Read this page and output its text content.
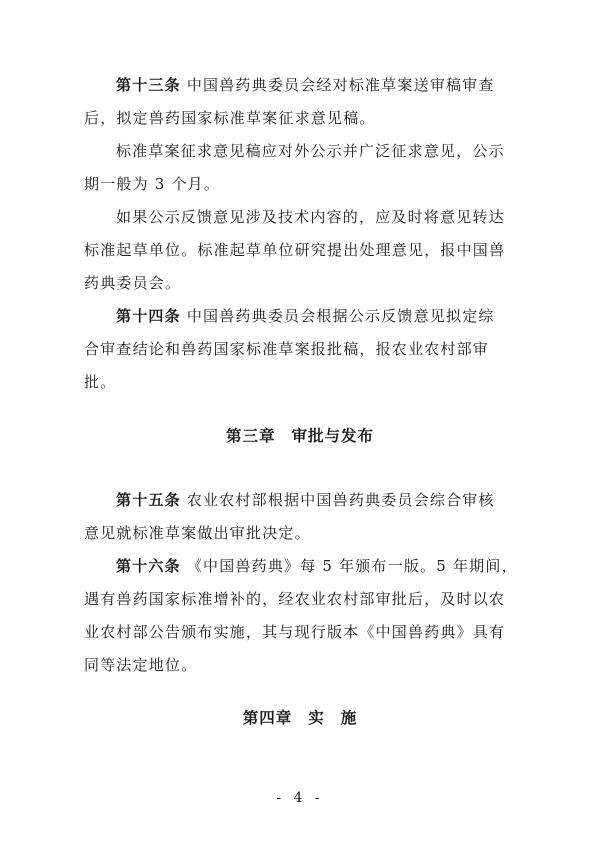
第十三条 中国兽药典委员会经对标准草案送审稿审查
后，拟定兽药国家标准草案征求意见稿。
标准草案征求意见稿应对外公示并广泛征求意见，公示
期一般为 3 个月。
如果公示反馈意见涉及技术内容的，应及时将意见转达
标准起草单位。标准起草单位研究提出处理意见，报中国兽
药典委员会。
第十四条 中国兽药典委员会根据公示反馈意见拟定综
合审查结论和兽药国家标准草案报批稿，报农业农村部审
批。
第三章 审批与发布
第十五条 农业农村部根据中国兽药典委员会综合审核
意见就标准草案做出审批决定。
第十六条 《中国兽药典》每 5 年颁布一版。5 年期间，
遇有兽药国家标准增补的，经农业农村部审批后，及时以农
业农村部公告颁布实施，其与现行版本《中国兽药典》具有
同等法定地位。
第四章 实 施
- 4 -
